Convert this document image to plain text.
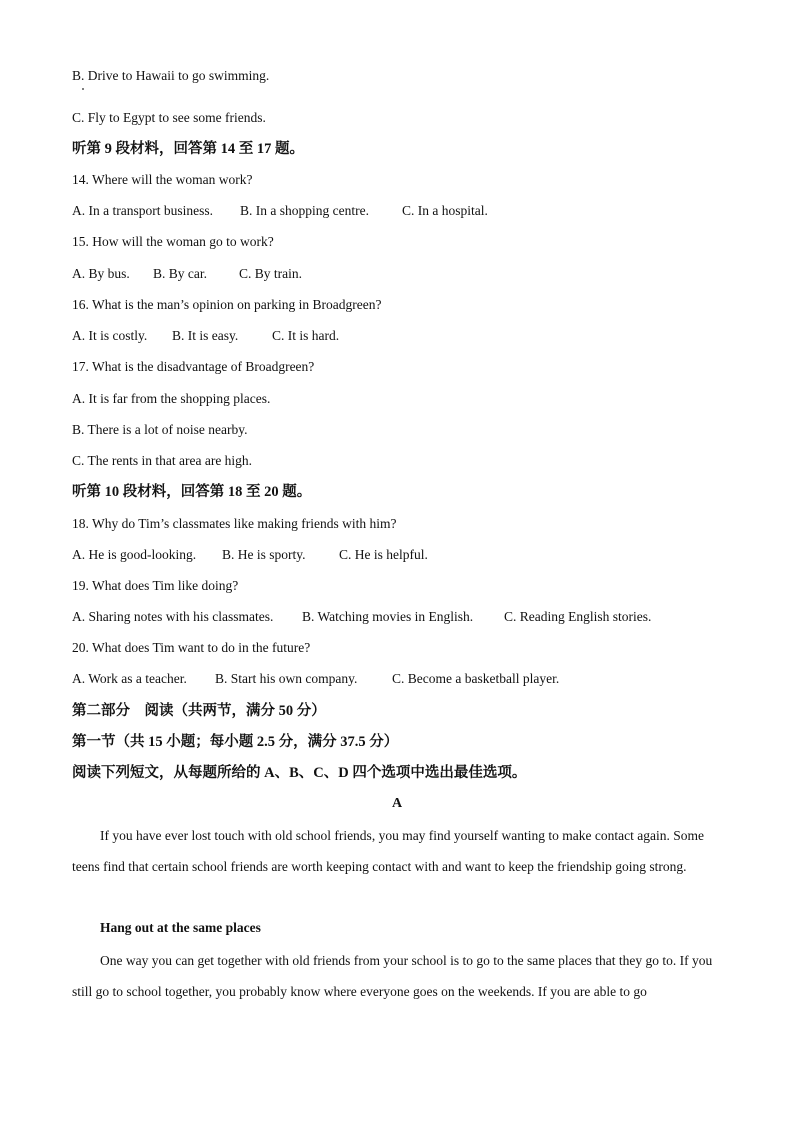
B. Drive to Hawaii to go swimming.
C. Fly to Egypt to see some friends.
听第 9 段材料，回答第 14 至 17 题。
14. Where will the woman work?
A. In a transport business. B. In a shopping centre. C. In a hospital.
15. How will the woman go to work?
A. By bus. B. By car. C. By train.
16. What is the man’s opinion on parking in Broadgreen?
A. It is costly. B. It is easy.	C. It is hard.
17. What is the disadvantage of Broadgreen?
A. It is far from the shopping places.
B. There is a lot of noise nearby.
C. The rents in that area are high.
听第 10 段材料，回答第 18 至 20 题。
18. Why do Tim’s classmates like making friends with him?
A. He is good-looking. B. He is sporty. C. He is helpful.
19. What does Tim like doing?
A. Sharing notes with his classmates. B. Watching movies in English. C. Reading English stories.
20. What does Tim want to do in the future?
A. Work as a teacher. B. Start his own company.	C. Become a basketball player.
第二部分　阅读（共两节，满分 50 分）
第一节（共 15 小题；每小题 2.5 分，满分 37.5 分）
阅读下列短文，从每题所给的 A、B、C、D 四个选项中选出最佳选项。
A
If you have ever lost touch with old school friends, you may find yourself wanting to make contact again. Some teens find that certain school friends are worth keeping contact with and want to keep the friendship going strong.
Hang out at the same places
One way you can get together with old friends from your school is to go to the same places that they go to. If you still go to school together, you probably know where everyone goes on the weekends. If you are able to go
